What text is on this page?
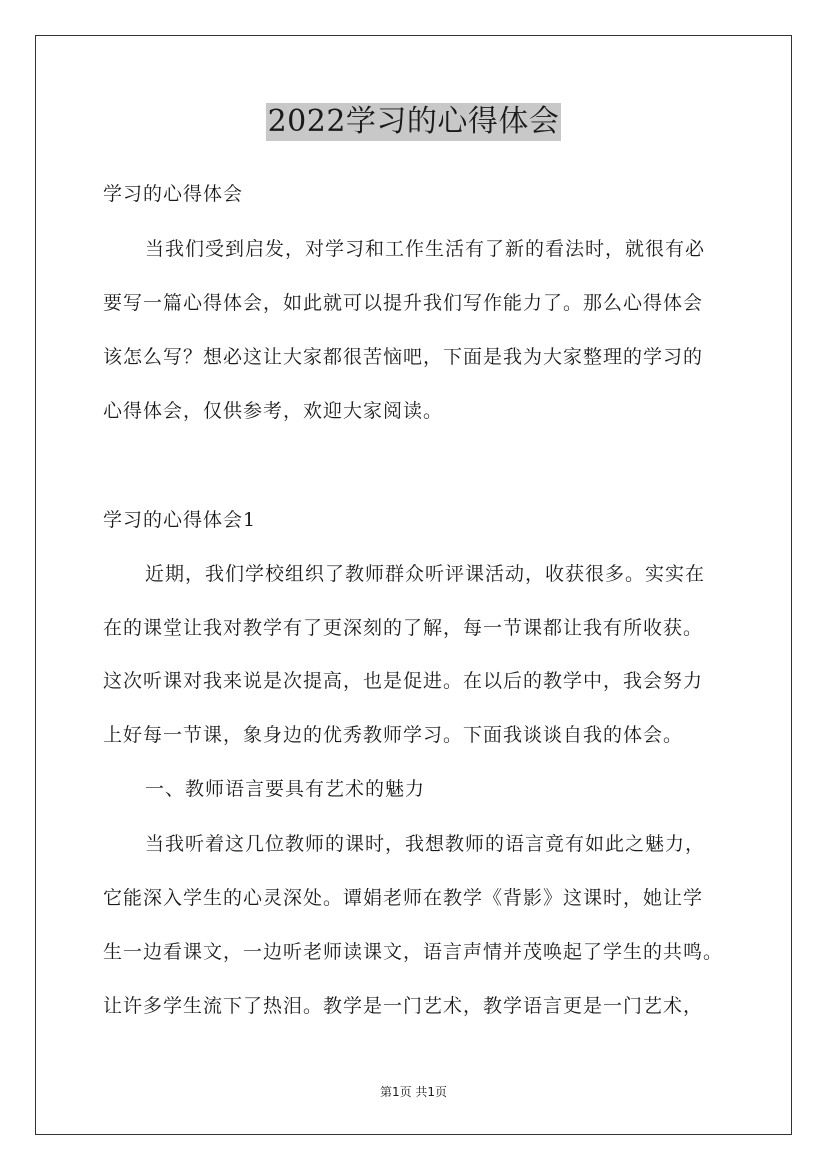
2022学习的心得体会
学习的心得体会
当我们受到启发，对学习和工作生活有了新的看法时，就很有必
要写一篇心得体会，如此就可以提升我们写作能力了。那么心得体会
该怎么写？想必这让大家都很苦恼吧，下面是我为大家整理的学习的
心得体会，仅供参考，欢迎大家阅读。
学习的心得体会1
近期，我们学校组织了教师群众听评课活动，收获很多。实实在
在的课堂让我对教学有了更深刻的了解，每一节课都让我有所收获。
这次听课对我来说是次提高，也是促进。在以后的教学中，我会努力
上好每一节课，象身边的优秀教师学习。下面我谈谈自我的体会。
一、教师语言要具有艺术的魅力
当我听着这几位教师的课时，我想教师的语言竟有如此之魅力，
它能深入学生的心灵深处。谭娟老师在教学《背影》这课时，她让学
生一边看课文，一边听老师读课文，语言声情并茂唤起了学生的共鸣。
让许多学生流下了热泪。教学是一门艺术，教学语言更是一门艺术，
第1页 共1页
